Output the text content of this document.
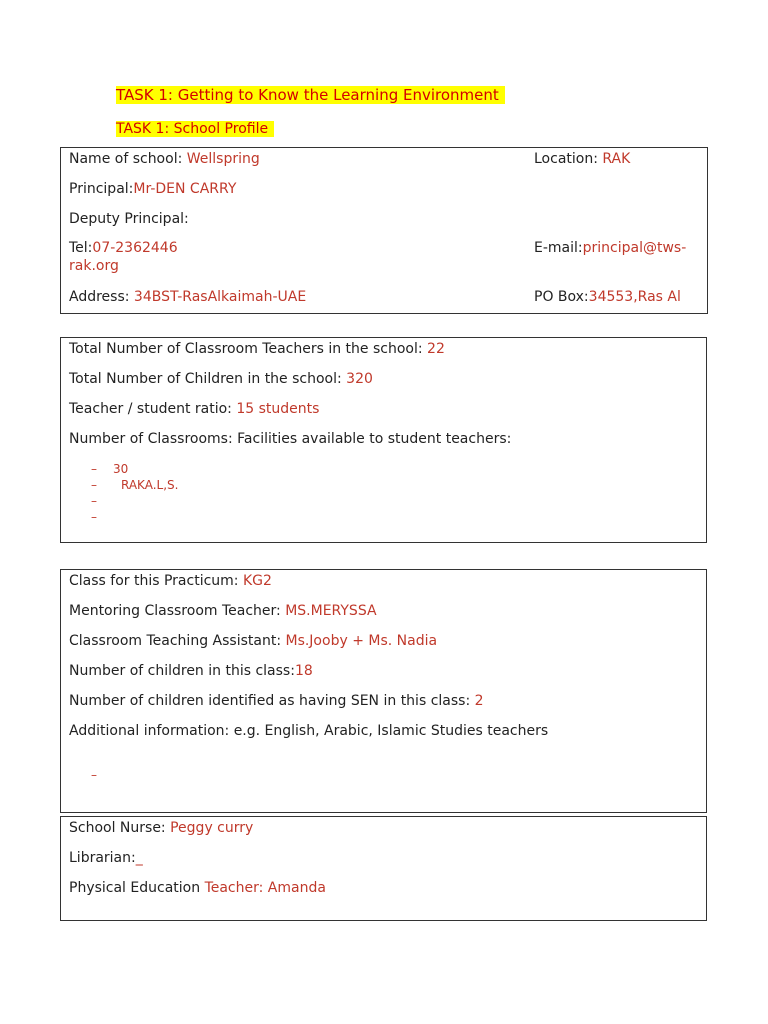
TASK 1: Getting to Know the Learning Environment
TASK 1: School Profile
Name of school: Wellspring	Location: RAK
Principal:Mr-DEN CARRY
Deputy Principal:
Tel:07-2362446	E-mail:principal@tws-
rak.org
Address: 34BST-RasAlkaimah-UAE	PO Box:34553,Ras Al
Total Number of Classroom Teachers in the school: 22
Total Number of Children in the school: 320
Teacher / student ratio: 15 students
Number of Classrooms: Facilities available to student teachers:
– 30
– RAKA.L,S.
–
–
Class for this Practicum: KG2
Mentoring Classroom Teacher: MS.MERYSSA
Classroom Teaching Assistant: Ms.Jooby + Ms. Nadia
Number of children in this class:18
Number of children identified as having SEN in this class: 2
Additional information: e.g. English, Arabic, Islamic Studies teachers
–
School Nurse: Peggy curry
Librarian:_
Physical Education Teacher: Amanda
